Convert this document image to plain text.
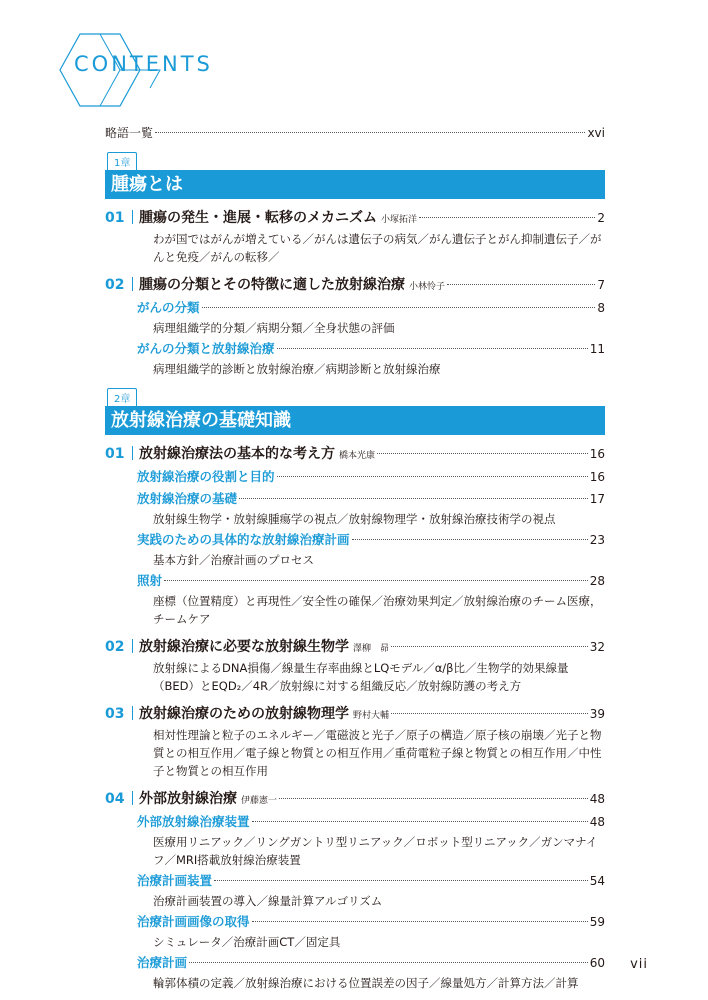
CONTENTS
略語一覧	xvi
1章
腫瘍とは
01	腫瘍の発生・進展・転移のメカニズム 小塚拓洋	2
わが国ではがんが増えている／がんは遺伝子の病気／がん遺伝子とがん抑制遺伝子／がんと免疫／がんの転移／
02	腫瘍の分類とその特徴に適した放射線治療 小林怜子	7
がんの分類	8
病理組織学的分類／病期分類／全身状態の評価
がんの分類と放射線治療	11
病理組織学的診断と放射線治療／病期診断と放射線治療
2章
放射線治療の基礎知識
01	放射線治療法の基本的な考え方 橋本光康	16
放射線治療の役割と目的	16
放射線治療の基礎	17
放射線生物学・放射線腫瘍学の視点／放射線物理学・放射線治療技術学の視点
実践のための具体的な放射線治療計画	23
基本方針／治療計画のプロセス
照射	28
座標（位置精度）と再現性／安全性の確保／治療効果判定／放射線治療のチーム医療，チームケア
02	放射線治療に必要な放射線生物学 澤柳　昴	32
放射線によるDNA損傷／線量生存率曲線とLQモデル／α/β比／生物学的効果線量（BED）とEQD₂／4R／放射線に対する組織反応／放射線防護の考え方
03	放射線治療のための放射線物理学 野村大輔	39
相対性理論と粒子のエネルギー／電磁波と光子／原子の構造／原子核の崩壊／光子と物質との相互作用／電子線と物質との相互作用／重荷電粒子線と物質との相互作用／中性子と物質との相互作用
04	外部放射線治療 伊藤憲一	48
外部放射線治療装置	48
医療用リニアック／リングガントリ型リニアック／ロボット型リニアック／ガンマナイフ／MRI搭載放射線治療装置
治療計画装置	54
治療計画装置の導入／線量計算アルゴリズム
治療計画画像の取得	59
シミュレータ／治療計画CT／固定具
治療計画	60
輪郭体積の定義／放射線治療における位置誤差の因子／線量処方／計算方法／計算
vii
